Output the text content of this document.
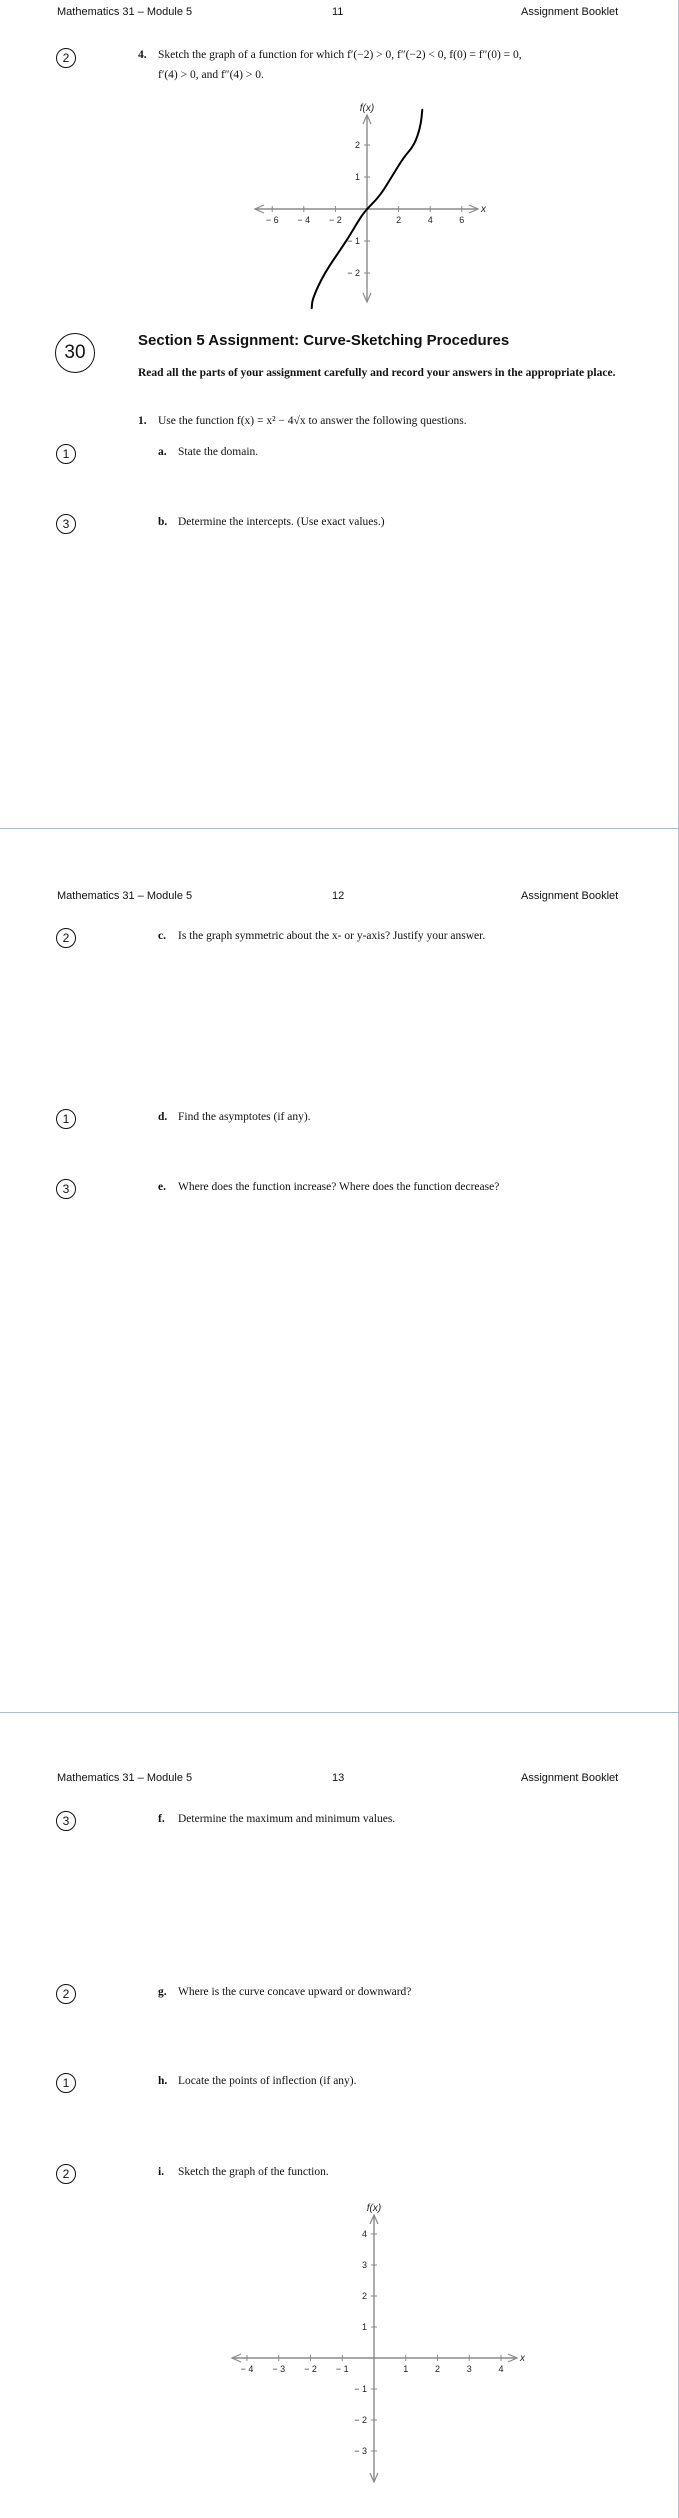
Mathematics 31 – Module 5	11	Assignment Booklet
Mathematics 31 – Module 5	12	Assignment Booklet
Mathematics 31 – Module 5	13	Assignment Booklet
2	4. Sketch the graph of a function for which f′(−2) > 0, f″(−2) < 0, f(0) = f″(0) = 0,
f′(4) > 0, and f″(4) > 0.
− 6 − 4 − 2	2	4	6
− 2
− 1
1
2
f(x)
x
30
Section 5 Assignment: Curve-Sketching Procedures
Read all the parts of your assignment carefully and record your answers in the appropriate place.
1. Use the function f(x) = x² − 4√x to answer the following questions.
1	a. State the domain.
3	b. Determine the intercepts. (Use exact values.)
2	c. Is the graph symmetric about the x- or y-axis? Justify your answer.
1	d. Find the asymptotes (if any).
3	e. Where does the function increase? Where does the function decrease?
3	f. Determine the maximum and minimum values.
2	g. Where is the curve concave upward or downward?
1	h. Locate the points of inflection (if any).
2	i. Sketch the graph of the function.
− 4 − 3 − 2 − 1	1	2	3	4
− 3
− 2
− 1
1
2
3
4
f(x)
x
